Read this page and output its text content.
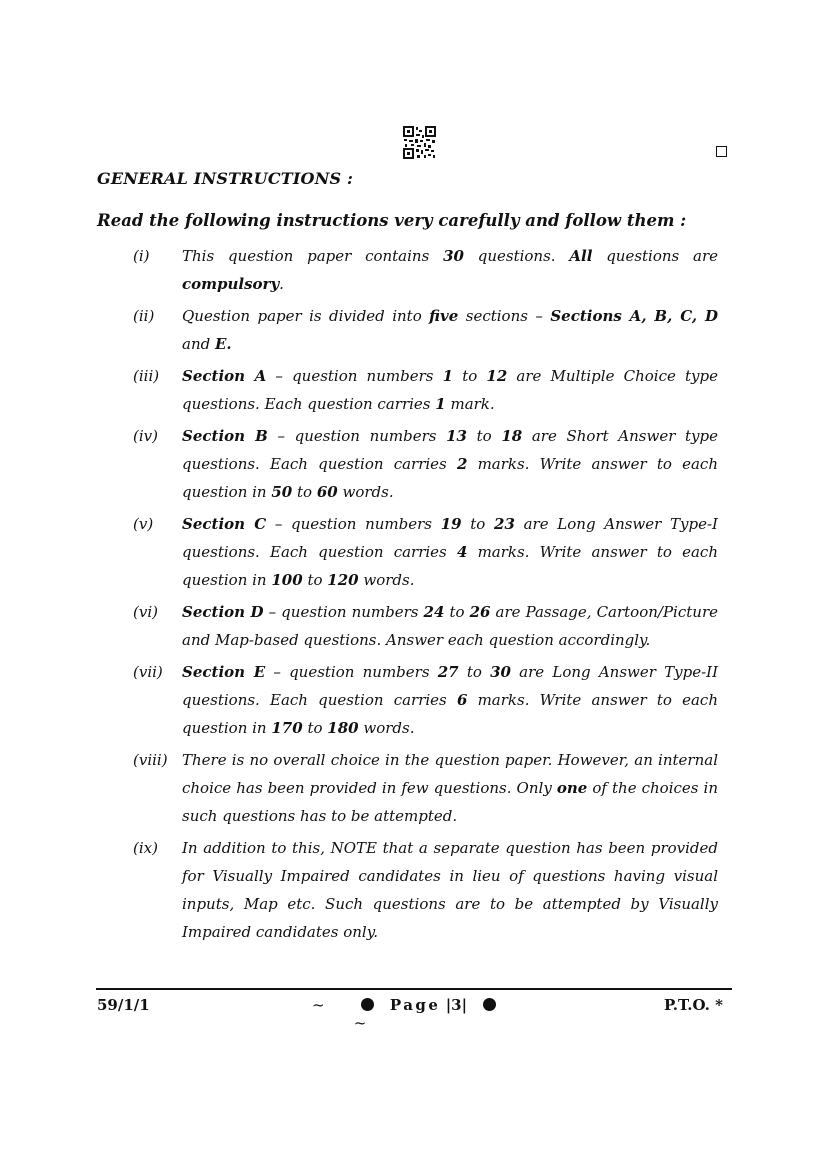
GENERAL INSTRUCTIONS :
Read the following instructions very carefully and follow them :
(i)	This question paper contains 30 questions. All questions are compulsory.
(ii)	Question paper is divided into five sections – Sections A, B, C, D and E.
(iii)	Section A – question numbers 1 to 12 are Multiple Choice type questions. Each question carries 1 mark.
(iv)	Section B – question numbers 13 to 18 are Short Answer type questions. Each question carries 2 marks. Write answer to each question in 50 to 60 words.
(v)	Section C – question numbers 19 to 23 are Long Answer Type-I questions. Each question carries 4 marks. Write answer to each question in 100 to 120 words.
(vi)	Section D – question numbers 24 to 26 are Passage, Cartoon/Picture and Map-based questions. Answer each question accordingly.
(vii)	Section E – question numbers 27 to 30 are Long Answer Type-II questions. Each question carries 6 marks. Write answer to each question in 170 to 180 words.
(viii) There is no overall choice in the question paper. However, an internal choice has been provided in few questions. Only one of the choices in such questions has to be attempted.
(ix)	In addition to this, NOTE that a separate question has been provided for Visually Impaired candidates in lieu of questions having visual inputs, Map etc. Such questions are to be attempted by Visually Impaired candidates only.
59/1/1	~	Page |3|            ~
P.T.O. *
